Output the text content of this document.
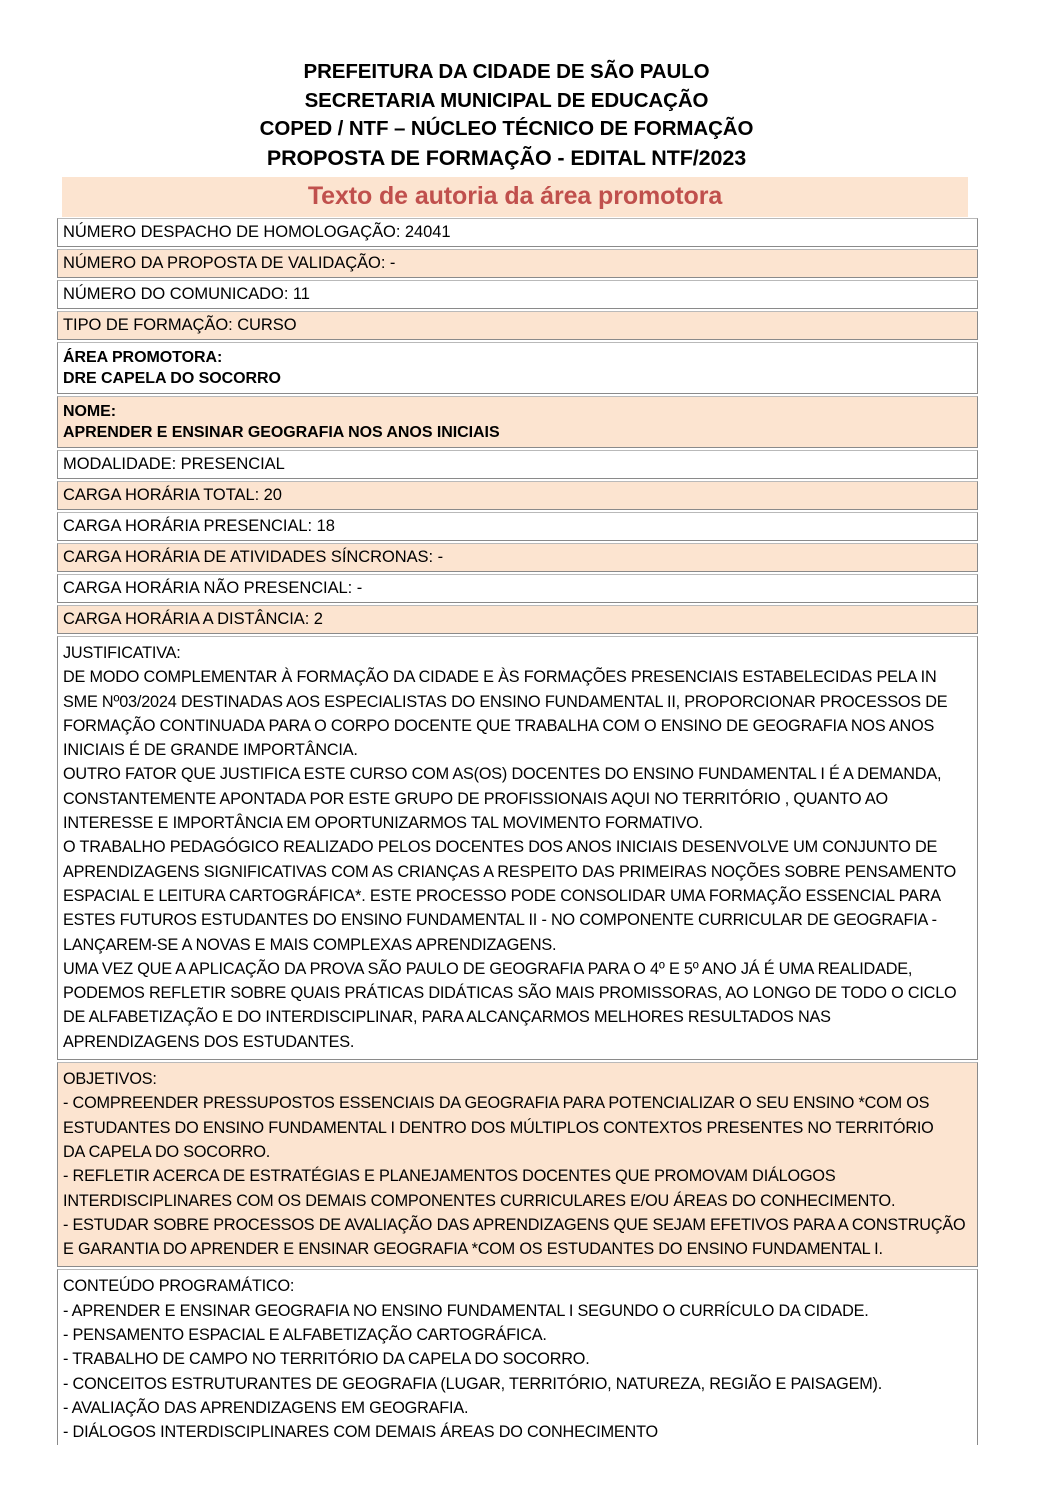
PREFEITURA DA CIDADE DE SÃO PAULO
SECRETARIA MUNICIPAL DE EDUCAÇÃO
COPED / NTF – NÚCLEO TÉCNICO DE FORMAÇÃO
PROPOSTA DE FORMAÇÃO - EDITAL NTF/2023
Texto de autoria da área promotora
NÚMERO DESPACHO DE HOMOLOGAÇÃO: 24041
NÚMERO DA PROPOSTA DE VALIDAÇÃO: -
NÚMERO DO COMUNICADO: 11
TIPO DE FORMAÇÃO: CURSO
ÁREA PROMOTORA:
DRE CAPELA DO SOCORRO
NOME:
APRENDER E ENSINAR GEOGRAFIA NOS ANOS INICIAIS
MODALIDADE: PRESENCIAL
CARGA HORÁRIA TOTAL: 20
CARGA HORÁRIA PRESENCIAL: 18
CARGA HORÁRIA DE ATIVIDADES SÍNCRONAS: -
CARGA HORÁRIA NÃO PRESENCIAL: -
CARGA HORÁRIA A DISTÂNCIA: 2
JUSTIFICATIVA:
DE MODO COMPLEMENTAR À FORMAÇÃO DA CIDADE E ÀS FORMAÇÕES PRESENCIAIS ESTABELECIDAS PELA IN
SME Nº03/2024 DESTINADAS AOS ESPECIALISTAS DO ENSINO FUNDAMENTAL II, PROPORCIONAR PROCESSOS DE
FORMAÇÃO CONTINUADA PARA O CORPO DOCENTE QUE TRABALHA COM O ENSINO DE GEOGRAFIA NOS ANOS
INICIAIS É DE GRANDE IMPORTÂNCIA.
OUTRO FATOR QUE JUSTIFICA ESTE CURSO COM AS(OS) DOCENTES DO ENSINO FUNDAMENTAL I É A DEMANDA,
CONSTANTEMENTE APONTADA POR ESTE GRUPO DE PROFISSIONAIS AQUI NO TERRITÓRIO , QUANTO AO
INTERESSE E IMPORTÂNCIA EM OPORTUNIZARMOS TAL MOVIMENTO FORMATIVO.
O TRABALHO PEDAGÓGICO REALIZADO PELOS DOCENTES DOS ANOS INICIAIS DESENVOLVE UM CONJUNTO DE
APRENDIZAGENS SIGNIFICATIVAS COM AS CRIANÇAS A RESPEITO DAS PRIMEIRAS NOÇÕES SOBRE PENSAMENTO
ESPACIAL E LEITURA CARTOGRÁFICA*. ESTE PROCESSO PODE CONSOLIDAR UMA FORMAÇÃO ESSENCIAL PARA
ESTES FUTUROS ESTUDANTES DO ENSINO FUNDAMENTAL II - NO COMPONENTE CURRICULAR DE GEOGRAFIA -
LANÇAREM-SE A NOVAS E MAIS COMPLEXAS APRENDIZAGENS.
UMA VEZ QUE A APLICAÇÃO DA PROVA SÃO PAULO DE GEOGRAFIA PARA O 4º E 5º ANO JÁ É UMA REALIDADE,
PODEMOS REFLETIR SOBRE QUAIS PRÁTICAS DIDÁTICAS SÃO MAIS PROMISSORAS, AO LONGO DE TODO O CICLO
DE ALFABETIZAÇÃO E DO INTERDISCIPLINAR, PARA ALCANÇARMOS MELHORES RESULTADOS NAS
APRENDIZAGENS DOS ESTUDANTES.
OBJETIVOS:
- COMPREENDER PRESSUPOSTOS ESSENCIAIS DA GEOGRAFIA PARA POTENCIALIZAR O SEU ENSINO *COM OS
ESTUDANTES DO ENSINO FUNDAMENTAL I DENTRO DOS MÚLTIPLOS CONTEXTOS PRESENTES NO TERRITÓRIO
DA CAPELA DO SOCORRO.
- REFLETIR ACERCA DE ESTRATÉGIAS E PLANEJAMENTOS DOCENTES QUE PROMOVAM DIÁLOGOS
INTERDISCIPLINARES COM OS DEMAIS COMPONENTES CURRICULARES E/OU ÁREAS DO CONHECIMENTO.
- ESTUDAR SOBRE PROCESSOS DE AVALIAÇÃO DAS APRENDIZAGENS QUE SEJAM EFETIVOS PARA A CONSTRUÇÃO
E GARANTIA DO APRENDER E ENSINAR GEOGRAFIA *COM OS ESTUDANTES DO ENSINO FUNDAMENTAL I.
CONTEÚDO PROGRAMÁTICO:
- APRENDER E ENSINAR GEOGRAFIA NO ENSINO FUNDAMENTAL I SEGUNDO O CURRÍCULO DA CIDADE.
- PENSAMENTO ESPACIAL E ALFABETIZAÇÃO CARTOGRÁFICA.
- TRABALHO DE CAMPO NO TERRITÓRIO DA CAPELA DO SOCORRO.
- CONCEITOS ESTRUTURANTES DE GEOGRAFIA (LUGAR, TERRITÓRIO, NATUREZA, REGIÃO E PAISAGEM).
- AVALIAÇÃO DAS APRENDIZAGENS EM GEOGRAFIA.
- DIÁLOGOS INTERDISCIPLINARES COM DEMAIS ÁREAS DO CONHECIMENTO
